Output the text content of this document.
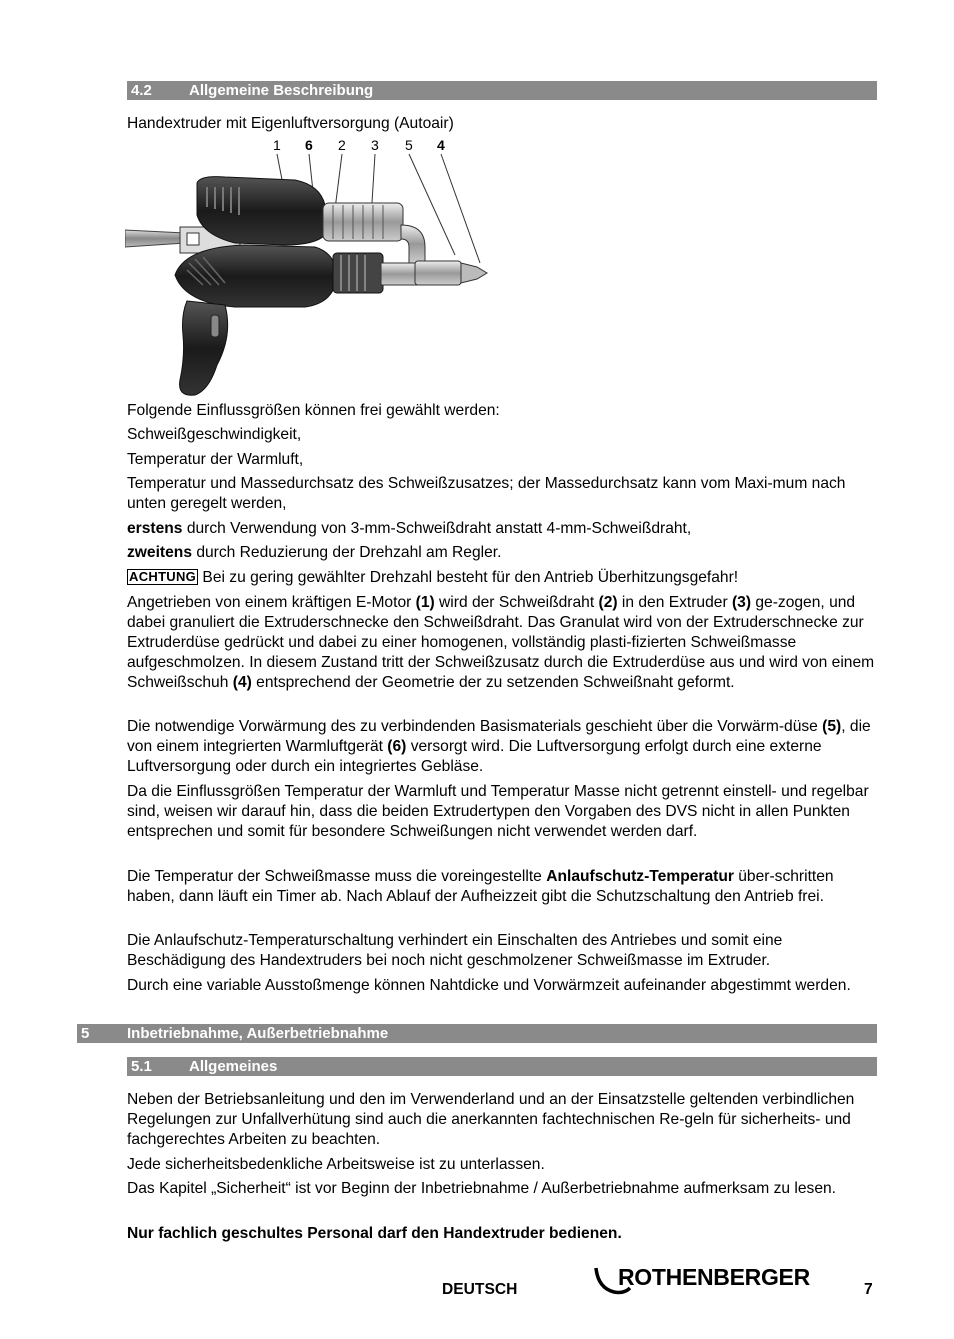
4.2 Allgemeine Beschreibung

Handextruder mit Eigenluftversorgung (Autoair)

1 6 2 3 5 4

Folgende Einflussgrößen können frei gewählt werden:

Schweißgeschwindigkeit,

Temperatur der Warmluft,

Temperatur und Massedurchsatz des Schweißzusatzes; der Massedurchsatz kann vom Maxi-mum nach unten geregelt werden,

erstens durch Verwendung von 3-mm-Schweißdraht anstatt 4-mm-Schweißdraht,

zweitens durch Reduzierung der Drehzahl am Regler.

ACHTUNG Bei zu gering gewählter Drehzahl besteht für den Antrieb Überhitzungsgefahr!

Angetrieben von einem kräftigen E-Motor (1) wird der Schweißdraht (2) in den Extruder (3) ge-zogen, und dabei granuliert die Extruderschnecke den Schweißdraht. Das Granulat wird von der Extruderschnecke zur Extruderdüse gedrückt und dabei zu einer homogenen, vollständig plasti-fizierten Schweißmasse aufgeschmolzen. In diesem Zustand tritt der Schweißzusatz durch die Extruderdüse aus und wird von einem Schweißschuh (4) entsprechend der Geometrie der zu setzenden Schweißnaht geformt.

Die notwendige Vorwärmung des zu verbindenden Basismaterials geschieht über die Vorwärm-düse (5), die von einem integrierten Warmluftgerät (6) versorgt wird. Die Luftversorgung erfolgt durch eine externe Luftversorgung oder durch ein integriertes Gebläse.

Da die Einflussgrößen Temperatur der Warmluft und Temperatur Masse nicht getrennt einstell- und regelbar sind, weisen wir darauf hin, dass die beiden Extrudertypen den Vorgaben des DVS nicht in allen Punkten entsprechen und somit für besondere Schweißungen nicht verwendet werden darf.

Die Temperatur der Schweißmasse muss die voreingestellte Anlaufschutz-Temperatur über-schritten haben, dann läuft ein Timer ab. Nach Ablauf der Aufheizzeit gibt die Schutzschaltung den Antrieb frei.

Die Anlaufschutz-Temperaturschaltung verhindert ein Einschalten des Antriebes und somit eine Beschädigung des Handextruders bei noch nicht geschmolzener Schweißmasse im Extruder.

Durch eine variable Ausstoßmenge können Nahtdicke und Vorwärmzeit aufeinander abgestimmt werden.

5	Inbetriebnahme, Außerbetriebnahme
5.1 Allgemeines

Neben der Betriebsanleitung und den im Verwenderland und an der Einsatzstelle geltenden verbindlichen Regelungen zur Unfallverhütung sind auch die anerkannten fachtechnischen Re-geln für sicherheits- und fachgerechtes Arbeiten zu beachten.

Jede sicherheitsbedenkliche Arbeitsweise ist zu unterlassen.

Das Kapitel „Sicherheit“ ist vor Beginn der Inbetriebnahme / Außerbetriebnahme aufmerksam zu lesen.

Nur fachlich geschultes Personal darf den Handextruder bedienen.

DEUTSCH	ROTHENBERGER	7
